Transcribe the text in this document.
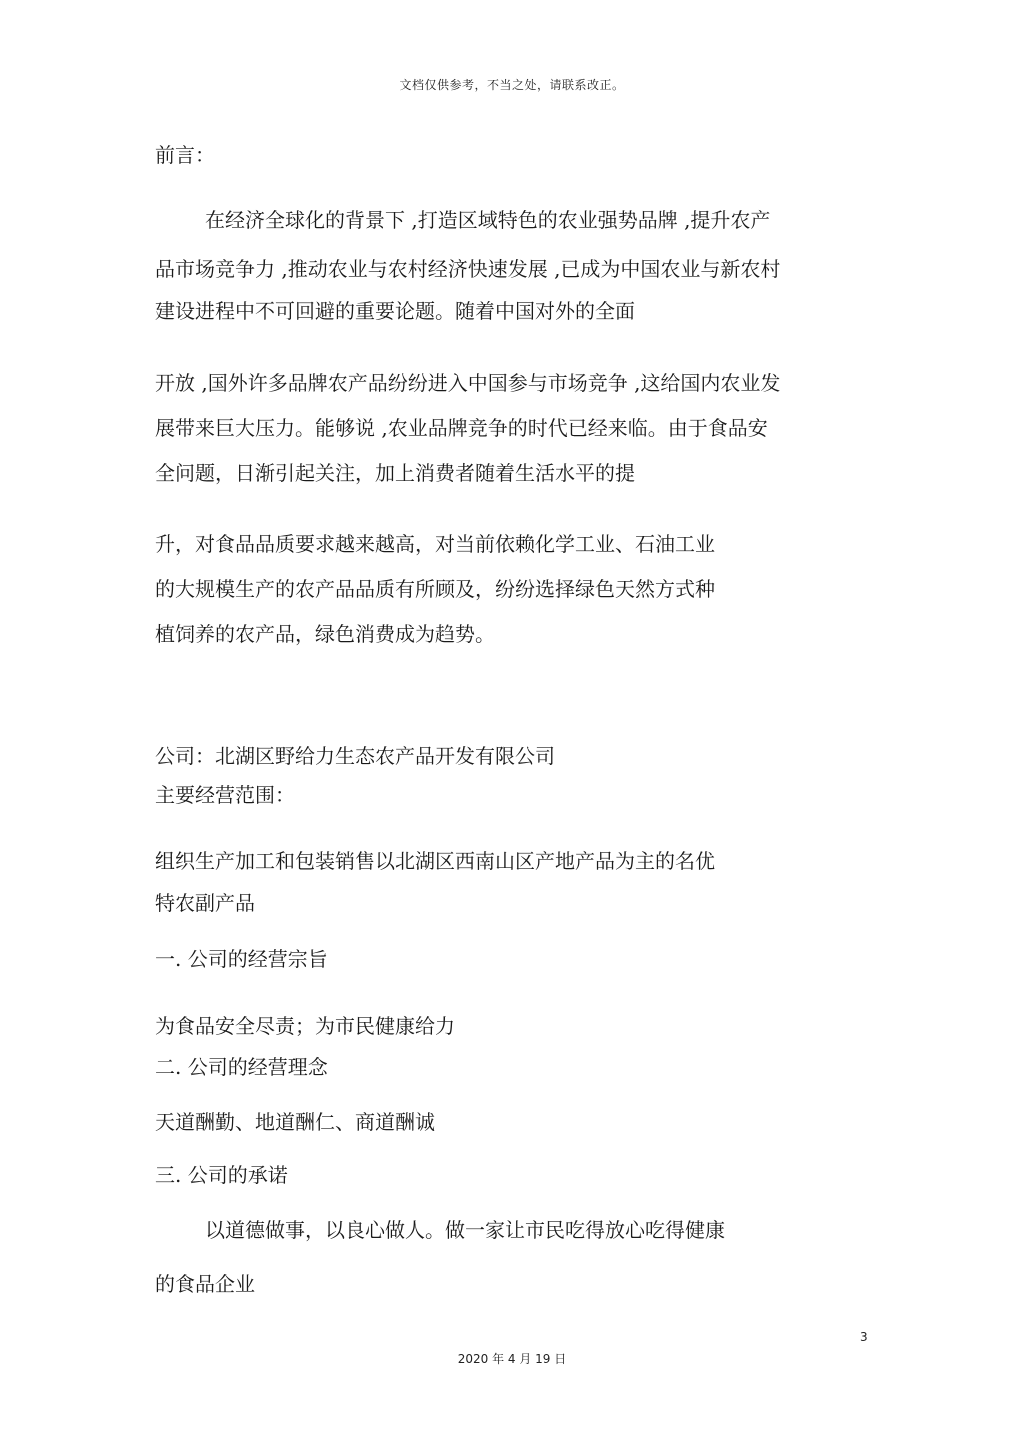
文档仅供参考，不当之处，请联系改正。
前言：
在经济全球化的背景下 ,打造区域特色的农业强势品牌 ,提升农产
品市场竞争力 ,推动农业与农村经济快速发展 ,已成为中国农业与新农村
建设进程中不可回避的重要论题。随着中国对外的全面
开放 ,国外许多品牌农产品纷纷进入中国参与市场竞争 ,这给国内农业发
展带来巨大压力。能够说 ,农业品牌竞争的时代已经来临。由于食品安
全问题，日渐引起关注，加上消费者随着生活水平的提
升，对食品品质要求越来越高，对当前依赖化学工业、石油工业
的大规模生产的农产品品质有所顾及，纷纷选择绿色天然方式种
植饲养的农产品，绿色消费成为趋势。
公司：北湖区野给力生态农产品开发有限公司
主要经营范围：
组织生产加工和包装销售以北湖区西南山区产地产品为主的名优
特农副产品
一. 公司的经营宗旨
为食品安全尽责；为市民健康给力
二. 公司的经营理念
天道酬勤、地道酬仁、商道酬诚
三. 公司的承诺
以道德做事，以良心做人。做一家让市民吃得放心吃得健康
的食品企业
3
2020 年 4 月 19 日
